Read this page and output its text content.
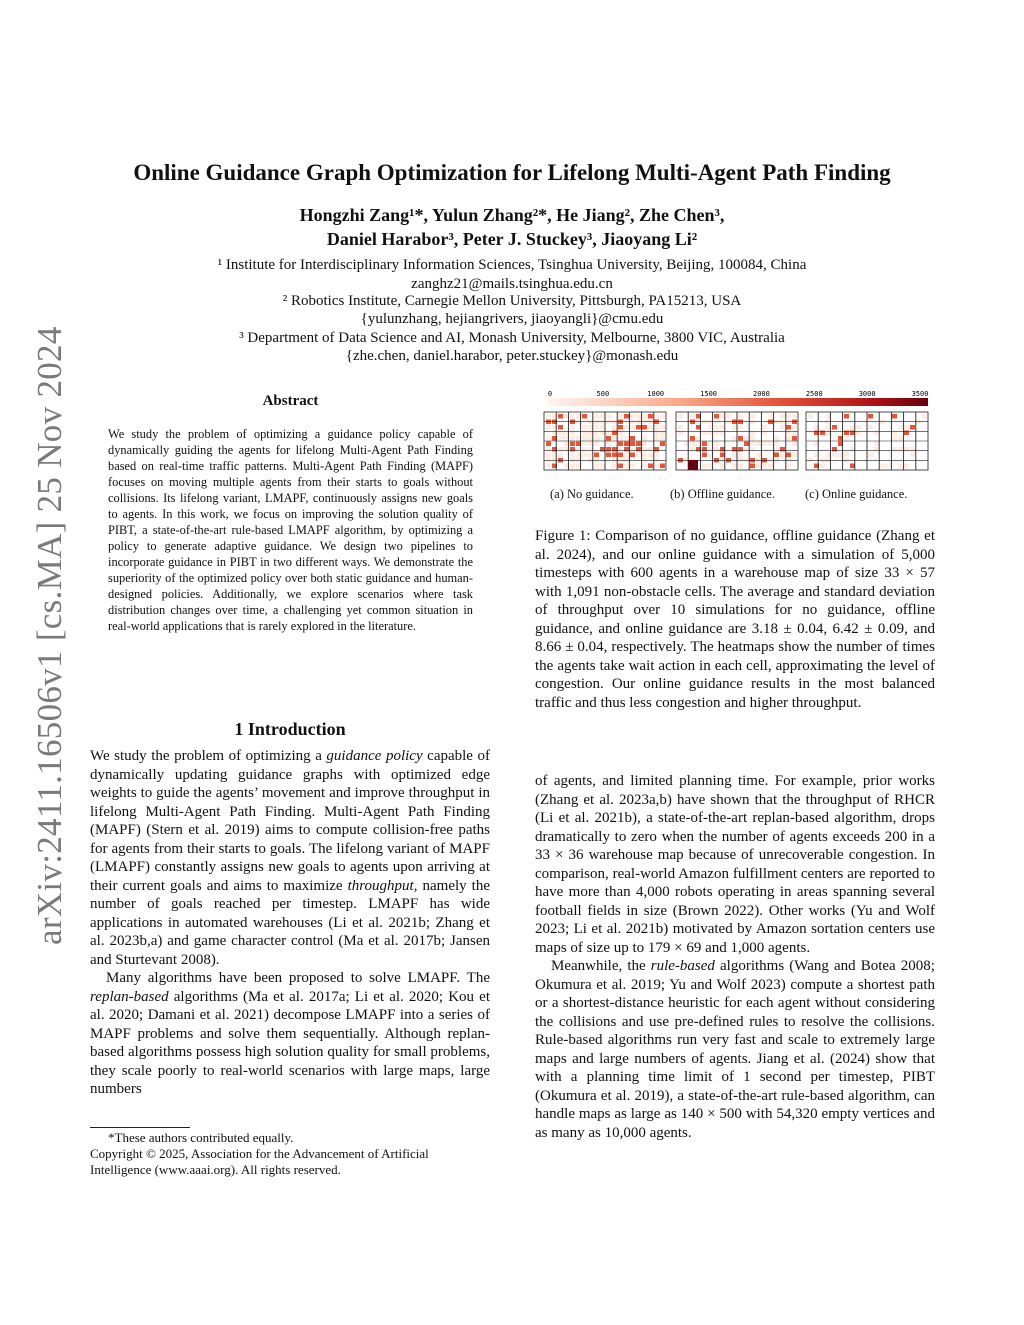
arXiv:2411.16506v1 [cs.MA] 25 Nov 2024
Online Guidance Graph Optimization for Lifelong Multi-Agent Path Finding
Hongzhi Zang¹*, Yulun Zhang²*, He Jiang², Zhe Chen³,
Daniel Harabor³, Peter J. Stuckey³, Jiaoyang Li²
¹ Institute for Interdisciplinary Information Sciences, Tsinghua University, Beijing, 100084, China
zanghz21@mails.tsinghua.edu.cn
² Robotics Institute, Carnegie Mellon University, Pittsburgh, PA15213, USA
{yulunzhang, hejiangrivers, jiaoyangli}@cmu.edu
³ Department of Data Science and AI, Monash University, Melbourne, 3800 VIC, Australia
{zhe.chen, daniel.harabor, peter.stuckey}@monash.edu
Abstract
We study the problem of optimizing a guidance policy capable of dynamically guiding the agents for lifelong Multi-Agent Path Finding based on real-time traffic patterns. Multi-Agent Path Finding (MAPF) focuses on moving multiple agents from their starts to goals without collisions. Its lifelong variant, LMAPF, continuously assigns new goals to agents. In this work, we focus on improving the solution quality of PIBT, a state-of-the-art rule-based LMAPF algorithm, by optimizing a policy to generate adaptive guidance. We design two pipelines to incorporate guidance in PIBT in two different ways. We demonstrate the superiority of the optimized policy over both static guidance and human-designed policies. Additionally, we explore scenarios where task distribution changes over time, a challenging yet common situation in real-world applications that is rarely explored in the literature.
1 Introduction

We study the problem of optimizing a guidance policy capable of dynamically updating guidance graphs with optimized edge weights to guide the agents’ movement and improve throughput in lifelong Multi-Agent Path Finding. Multi-Agent Path Finding (MAPF) (Stern et al. 2019) aims to compute collision-free paths for agents from their starts to goals. The lifelong variant of MAPF (LMAPF) constantly assigns new goals to agents upon arriving at their current goals and aims to maximize throughput, namely the number of goals reached per timestep. LMAPF has wide applications in automated warehouses (Li et al. 2021b; Zhang et al. 2023b,a) and game character control (Ma et al. 2017b; Jansen and Sturtevant 2008).

Many algorithms have been proposed to solve LMAPF. The replan-based algorithms (Ma et al. 2017a; Li et al. 2020; Kou et al. 2020; Damani et al. 2021) decompose LMAPF into a series of MAPF problems and solve them sequentially. Although replan-based algorithms possess high solution quality for small problems, they scale poorly to real-world scenarios with large maps, large numbers

*These authors contributed equally.
Copyright © 2025, Association for the Advancement of Artificial Intelligence (www.aaai.org). All rights reserved.
0	500	1000	1500	2000	2500	3000	3500
(a) No guidance.	(b) Offline guidance.	(c) Online guidance.
Figure 1: Comparison of no guidance, offline guidance (Zhang et al. 2024), and our online guidance with a simulation of 5,000 timesteps with 600 agents in a warehouse map of size 33 × 57 with 1,091 non-obstacle cells. The average and standard deviation of throughput over 10 simulations for no guidance, offline guidance, and online guidance are 3.18 ± 0.04, 6.42 ± 0.09, and 8.66 ± 0.04, respectively. The heatmaps show the number of times the agents take wait action in each cell, approximating the level of congestion. Our online guidance results in the most balanced traffic and thus less congestion and higher throughput.

of agents, and limited planning time. For example, prior works (Zhang et al. 2023a,b) have shown that the throughput of RHCR (Li et al. 2021b), a state-of-the-art replan-based algorithm, drops dramatically to zero when the number of agents exceeds 200 in a 33 × 36 warehouse map because of unrecoverable congestion. In comparison, real-world Amazon fulfillment centers are reported to have more than 4,000 robots operating in areas spanning several football fields in size (Brown 2022). Other works (Yu and Wolf 2023; Li et al. 2021b) motivated by Amazon sortation centers use maps of size up to 179 × 69 and 1,000 agents.

Meanwhile, the rule-based algorithms (Wang and Botea 2008; Okumura et al. 2019; Yu and Wolf 2023) compute a shortest path or a shortest-distance heuristic for each agent without considering the collisions and use pre-defined rules to resolve the collisions. Rule-based algorithms run very fast and scale to extremely large maps and large numbers of agents. Jiang et al. (2024) show that with a planning time limit of 1 second per timestep, PIBT (Okumura et al. 2019), a state-of-the-art rule-based algorithm, can handle maps as large as 140 × 500 with 54,320 empty vertices and as many as 10,000 agents.
